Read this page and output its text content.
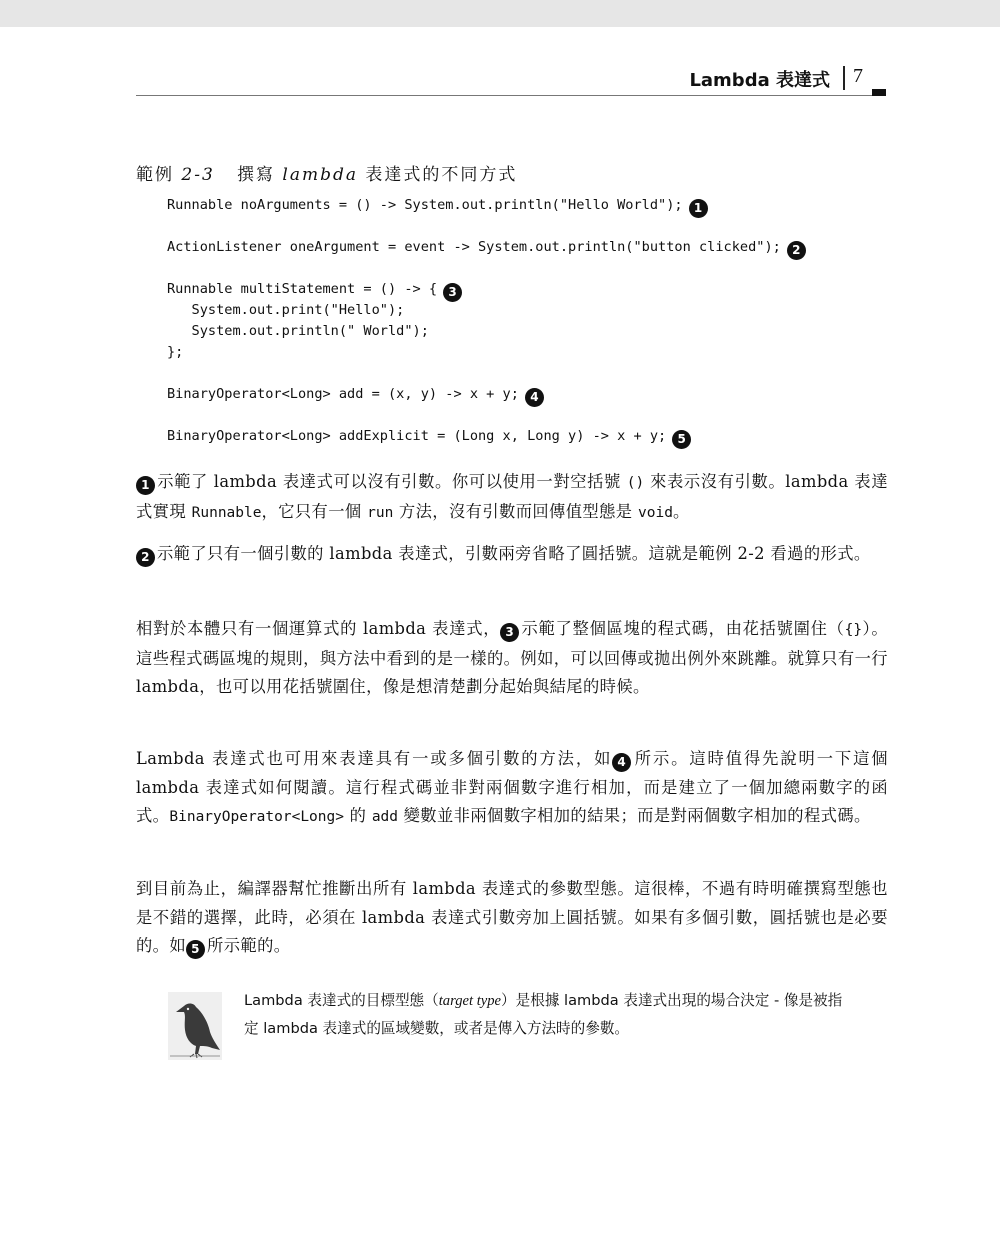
Lambda 表達式 7
範例 2-3 撰寫 lambda 表達式的不同方式
Runnable noArguments = () -> System.out.println("Hello World"); 1
ActionListener oneArgument = event -> System.out.println("button clicked"); 2
Runnable multiStatement = () -> { 3
System.out.print("Hello");
System.out.println(" World");
};
BinaryOperator<Long> add = (x, y) -> x + y; 4
BinaryOperator<Long> addExplicit = (Long x, Long y) -> x + y; 5
1 示範了 lambda 表達式可以沒有引數。你可以使用一對空括號 () 來表示沒有引數。lambda 表達式實現 Runnable，它只有一個 run 方法，沒有引數而回傳值型態是 void。
2 示範了只有一個引數的 lambda 表達式，引數兩旁省略了圓括號。這就是範例 2-2 看過的形式。
相對於本體只有一個運算式的 lambda 表達式， 3 示範了整個區塊的程式碼，由花括號圍住（{}）。這些程式碼區塊的規則，與方法中看到的是一樣的。例如，可以回傳或拋出例外來跳離。就算只有一行 lambda，也可以用花括號圍住，像是想清楚劃分起始與結尾的時候。
Lambda 表達式也可用來表達具有一或多個引數的方法，如 4 所示。這時值得先說明一下這個 lambda 表達式如何閱讀。這行程式碼並非對兩個數字進行相加，而是建立了一個加總兩數字的函式。BinaryOperator<Long> 的 add 變數並非兩個數字相加的結果；而是對兩個數字相加的程式碼。
到目前為止，編譯器幫忙推斷出所有 lambda 表達式的參數型態。這很棒，不過有時明確撰寫型態也是不錯的選擇，此時，必須在 lambda 表達式引數旁加上圓括號。如果有多個引數，圓括號也是必要的。如 5 所示範的。
Lambda 表達式的目標型態（target type）是根據 lambda 表達式出現的場合決定 - 像是被指定 lambda 表達式的區域變數，或者是傳入方法時的參數。
